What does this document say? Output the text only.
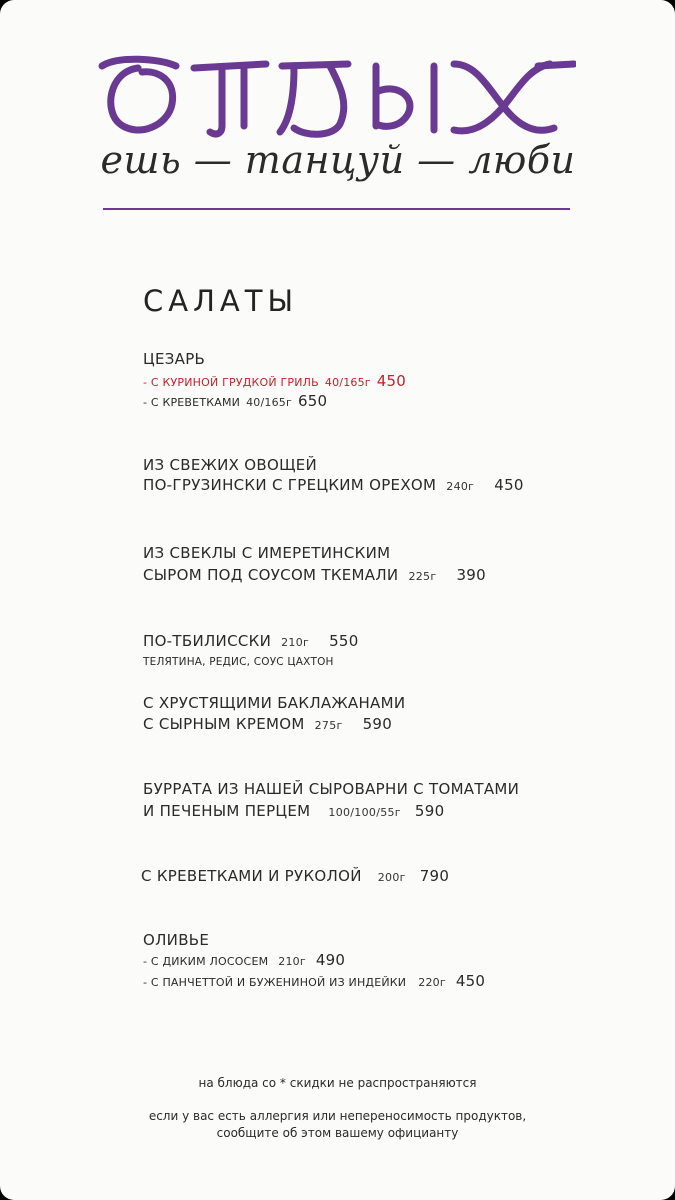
ешь — танцуй — люби
САЛАТЫ
ЦЕЗАРЬ
- С КУРИНОЙ ГРУДКОЙ ГРИЛЬ 40/165г 450
- С КРЕВЕТКАМИ 40/165г 650
ИЗ СВЕЖИХ ОВОЩЕЙ
ПО-ГРУЗИНСКИ С ГРЕЦКИМ ОРЕХОМ 240г 450
ИЗ СВЕКЛЫ С ИМЕРЕТИНСКИМ
СЫРОМ ПОД СОУСОМ ТКЕМАЛИ 225г 390
ПО-ТБИЛИССКИ 210г 550
ТЕЛЯТИНА, РЕДИС, СОУС ЦАХТОН
С ХРУСТЯЩИМИ БАКЛАЖАНАМИ
С СЫРНЫМ КРЕМОМ 275г 590
БУРРАТА ИЗ НАШЕЙ СЫРОВАРНИ С ТОМАТАМИ
И ПЕЧЕНЫМ ПЕРЦЕМ 100/100/55г 590
С КРЕВЕТКАМИ И РУКОЛОЙ 200г 790
ОЛИВЬЕ
- С ДИКИМ ЛОСОСЕМ 210г 490
- С ПАНЧЕТТОЙ И БУЖЕНИНОЙ ИЗ ИНДЕЙКИ 220г 450
на блюда со * скидки не распространяются
если у вас есть аллергия или непереносимость продуктов,
сообщите об этом вашему официанту
